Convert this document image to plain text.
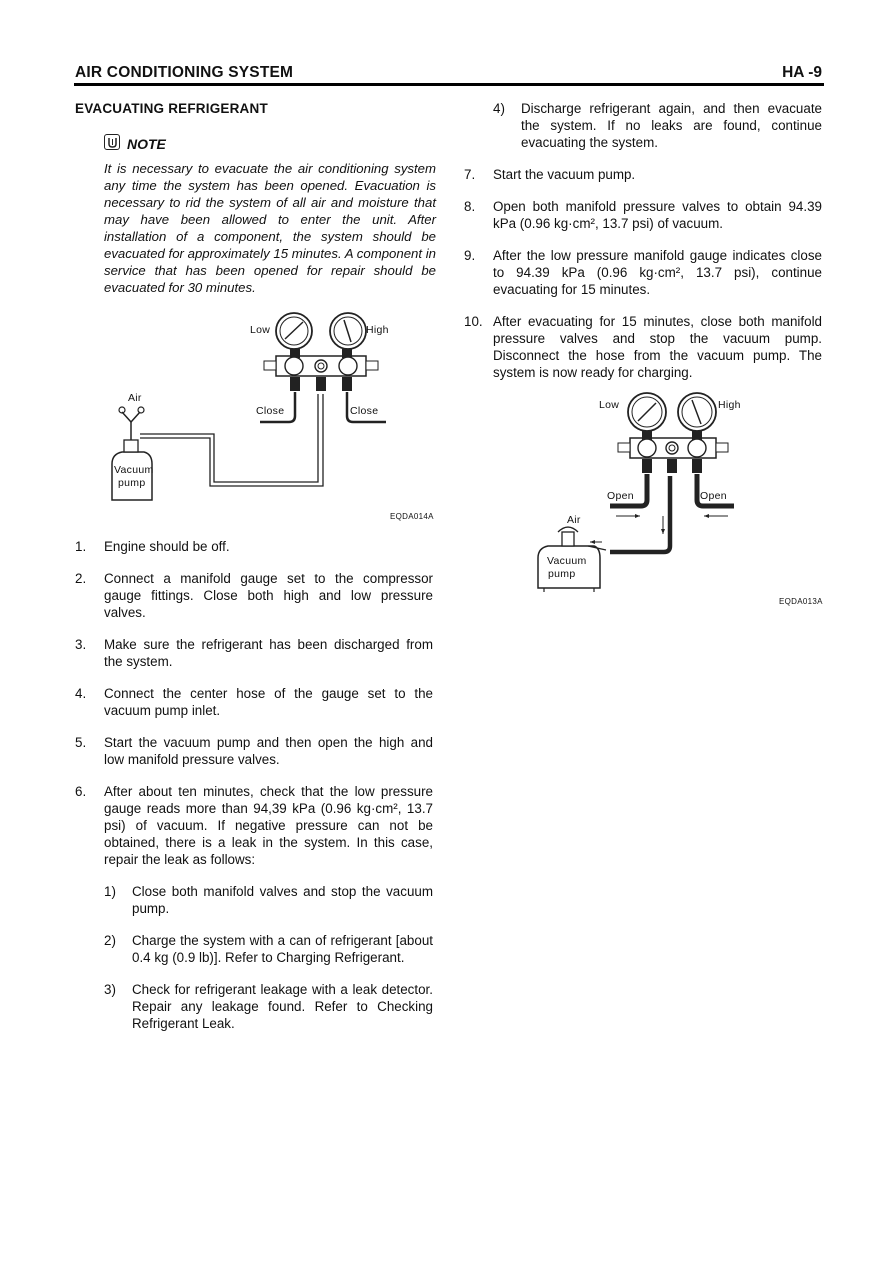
AIR CONDITIONING SYSTEM	HA -9
EVACUATING REFRIGERANT
NOTE
It is necessary to evacuate the air conditioning system any time the system has been opened. Evacuation is necessary to rid the system of all air and moisture that may have been allowed to enter the unit. After installation of a component, the system should be evacuated for approximately 15 minutes. A component in service that has been opened for repair should be evacuated for 30 minutes.
Low	High
Air
Close	Close
Vacuum
pump
EQDA014A
1. Engine should be off.
2. Connect a manifold gauge set to the compressor gauge fittings. Close both high and low pressure valves.
3. Make sure the refrigerant has been discharged from the system.
4. Connect the center hose of the gauge set to the vacuum pump inlet.
5. Start the vacuum pump and then open the high and low manifold pressure valves.
6. After about ten minutes, check that the low pressure gauge reads more than 94,39 kPa (0.96 kg·cm², 13.7 psi) of vacuum. If negative pressure can not be obtained, there is a leak in the system. In this case, repair the leak as follows:
1) Close both manifold valves and stop the vacuum pump.
2) Charge the system with a can of refrigerant [about 0.4 kg (0.9 lb)]. Refer to Charging Refrigerant.
3) Check for refrigerant leakage with a leak detector. Repair any leakage found. Refer to Checking Refrigerant Leak.
4) Discharge refrigerant again, and then evacuate the system. If no leaks are found, continue evacuating the system.
7. Start the vacuum pump.
8. Open both manifold pressure valves to obtain 94.39 kPa (0.96 kg·cm², 13.7 psi) of vacuum.
9. After the low pressure manifold gauge indicates close to 94.39 kPa (0.96 kg·cm², 13.7 psi), continue evacuating for 15 minutes.
10. After evacuating for 15 minutes, close both manifold pressure valves and stop the vacuum pump. Disconnect the hose from the vacuum pump. The system is now ready for charging.
Low	High
Air
Open	Open
Vacuum
pump
EQDA013A
